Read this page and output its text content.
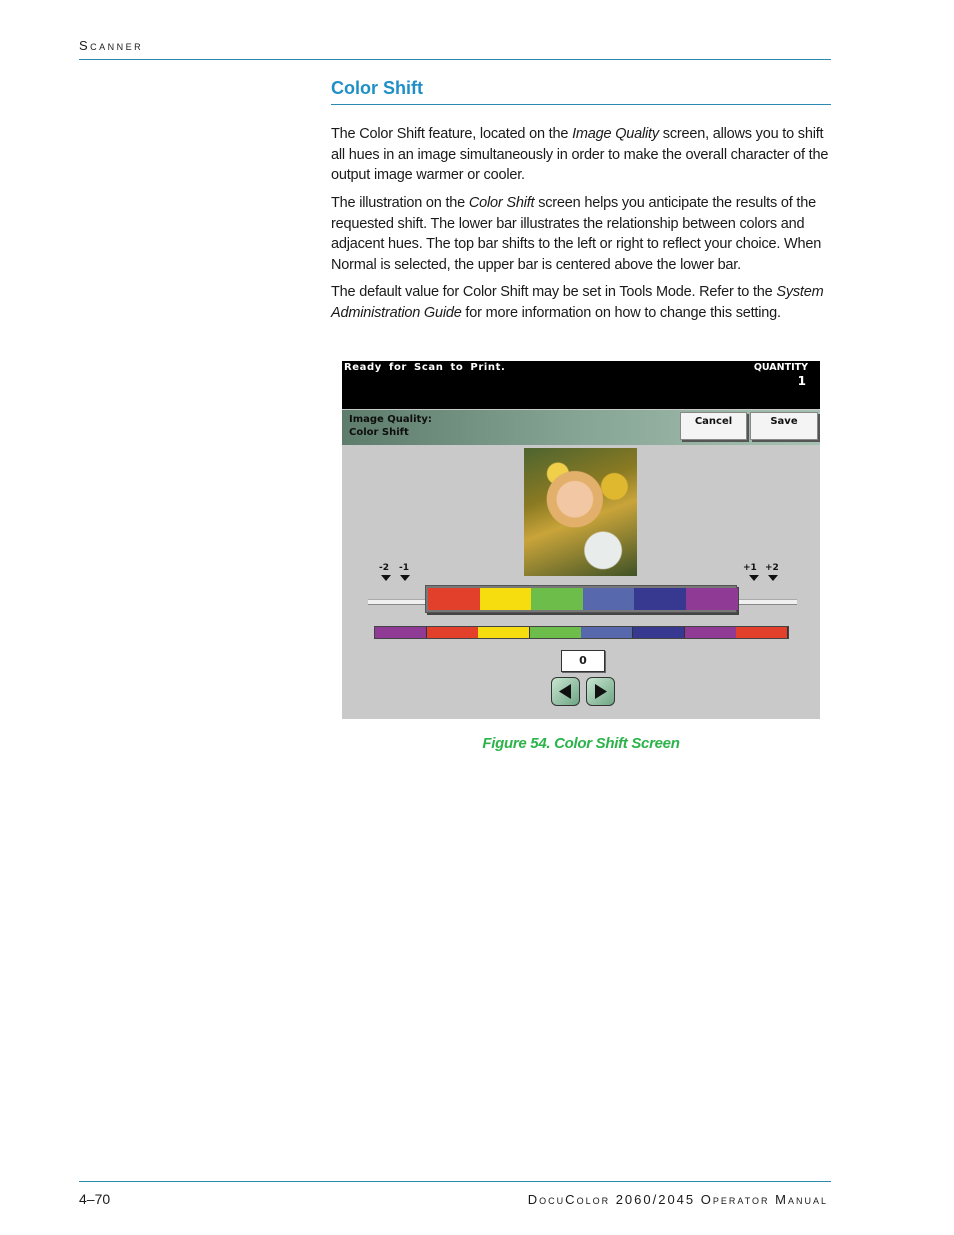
Scanner
Color Shift

The Color Shift feature, located on the Image Quality screen, allows you to shift all hues in an image simultaneously in order to make the overall character of the output image warmer or cooler.

The illustration on the Color Shift screen helps you anticipate the results of the requested shift. The lower bar illustrates the relationship between colors and adjacent hues. The top bar shifts to the left or right to reflect your choice. When Normal is selected, the upper bar is centered above the lower bar.

The default value for Color Shift may be set in Tools Mode. Refer to the System Administration Guide for more information on how to change this setting.

Ready for Scan to Print.	QUANTITY
1
Image Quality:
Color Shift
Cancel	Save
-2 -1	+1 +2
0
Figure 54. Color Shift Screen
4–70	DocuColor 2060/2045 Operator Manual
